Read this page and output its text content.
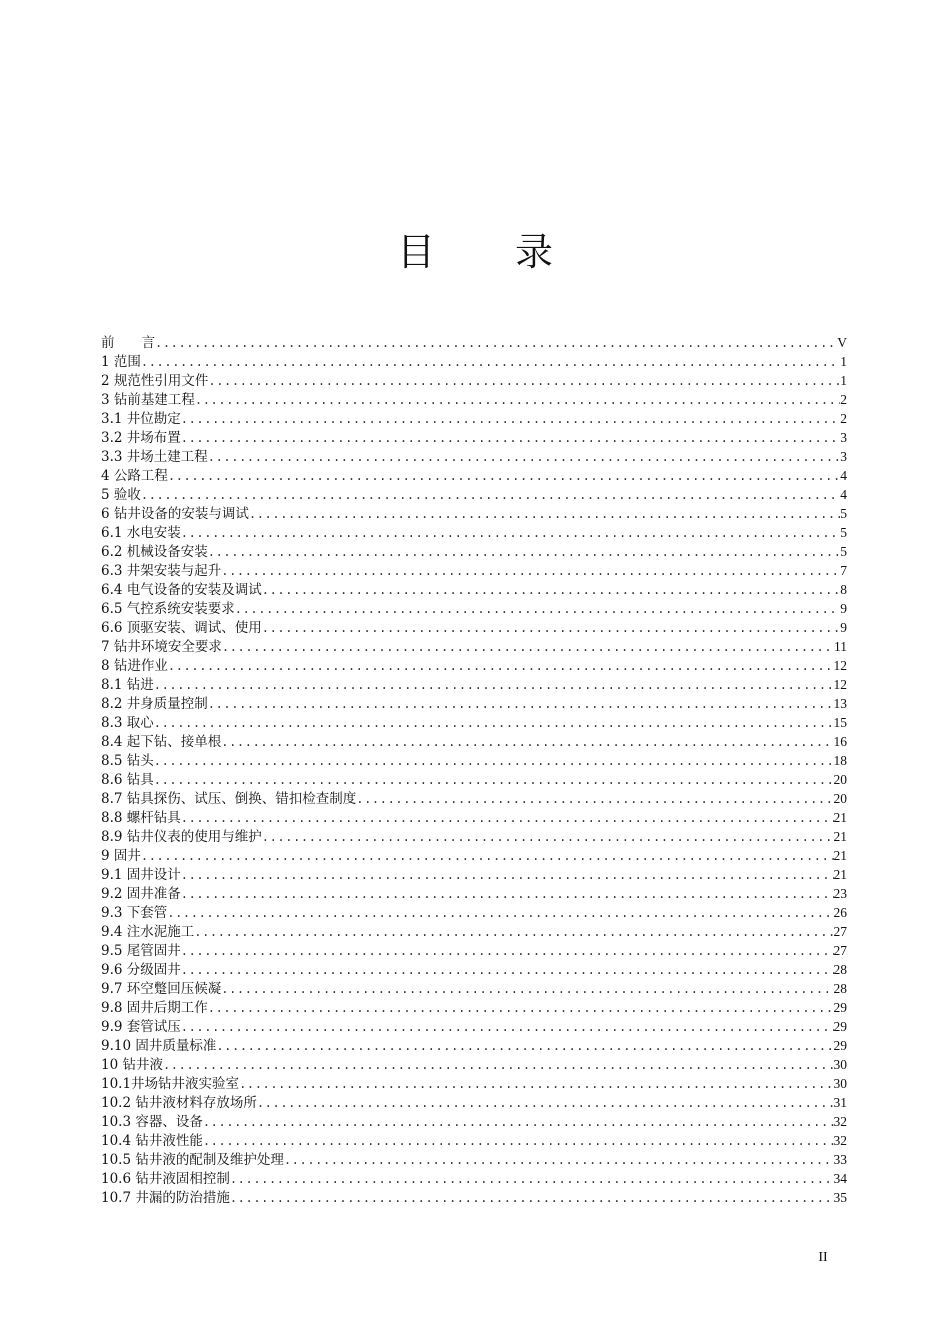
目 录
前　　言 .....	V
1 范围 .....	1
2 规范性引用文件 .....	1
3 钻前基建工程 .....	2
3.1 井位勘定 .....	2
3.2 井场布置 .....	3
3.3 井场土建工程 .....	3
4 公路工程 .....	4
5 验收 .....	4
6 钻井设备的安装与调试 .....	5
6.1 水电安装 .....	5
6.2 机械设备安装 .....	5
6.3 井架安装与起升 .....	7
6.4 电气设备的安装及调试 .....	8
6.5 气控系统安装要求 .....	9
6.6 顶驱安装、调试、使用 .....	9
7 钻井环境安全要求 .....	11
8 钻进作业 .....	12
8.1 钻进 .....	12
8.2 井身质量控制 .....	13
8.3 取心 .....	15
8.4 起下钻、接单根 .....	16
8.5 钻头 .....	18
8.6 钻具 .....	20
8.7 钻具探伤、试压、倒换、错扣检查制度 .....	20
8.8 螺杆钻具 .....	21
8.9 钻井仪表的使用与维护 .....	21
9 固井 .....	21
9.1 固井设计 .....	21
9.2 固井准备 .....	23
9.3 下套管 .....	26
9.4 注水泥施工 .....	27
9.5 尾管固井 .....	27
9.6 分级固井 .....	28
9.7 环空蹩回压候凝 .....	28
9.8 固井后期工作 .....	29
9.9 套管试压 .....	29
9.10 固井质量标准 .....	29
10 钻井液 .....	30
10.1井场钻井液实验室 .....	30
10.2 钻井液材料存放场所 .....	31
10.3 容器、设备 .....	32
10.4 钻井液性能 .....	32
10.5 钻井液的配制及维护处理 .....	33
10.6 钻井液固相控制 .....	34
10.7 井漏的防治措施 .....	35
II
